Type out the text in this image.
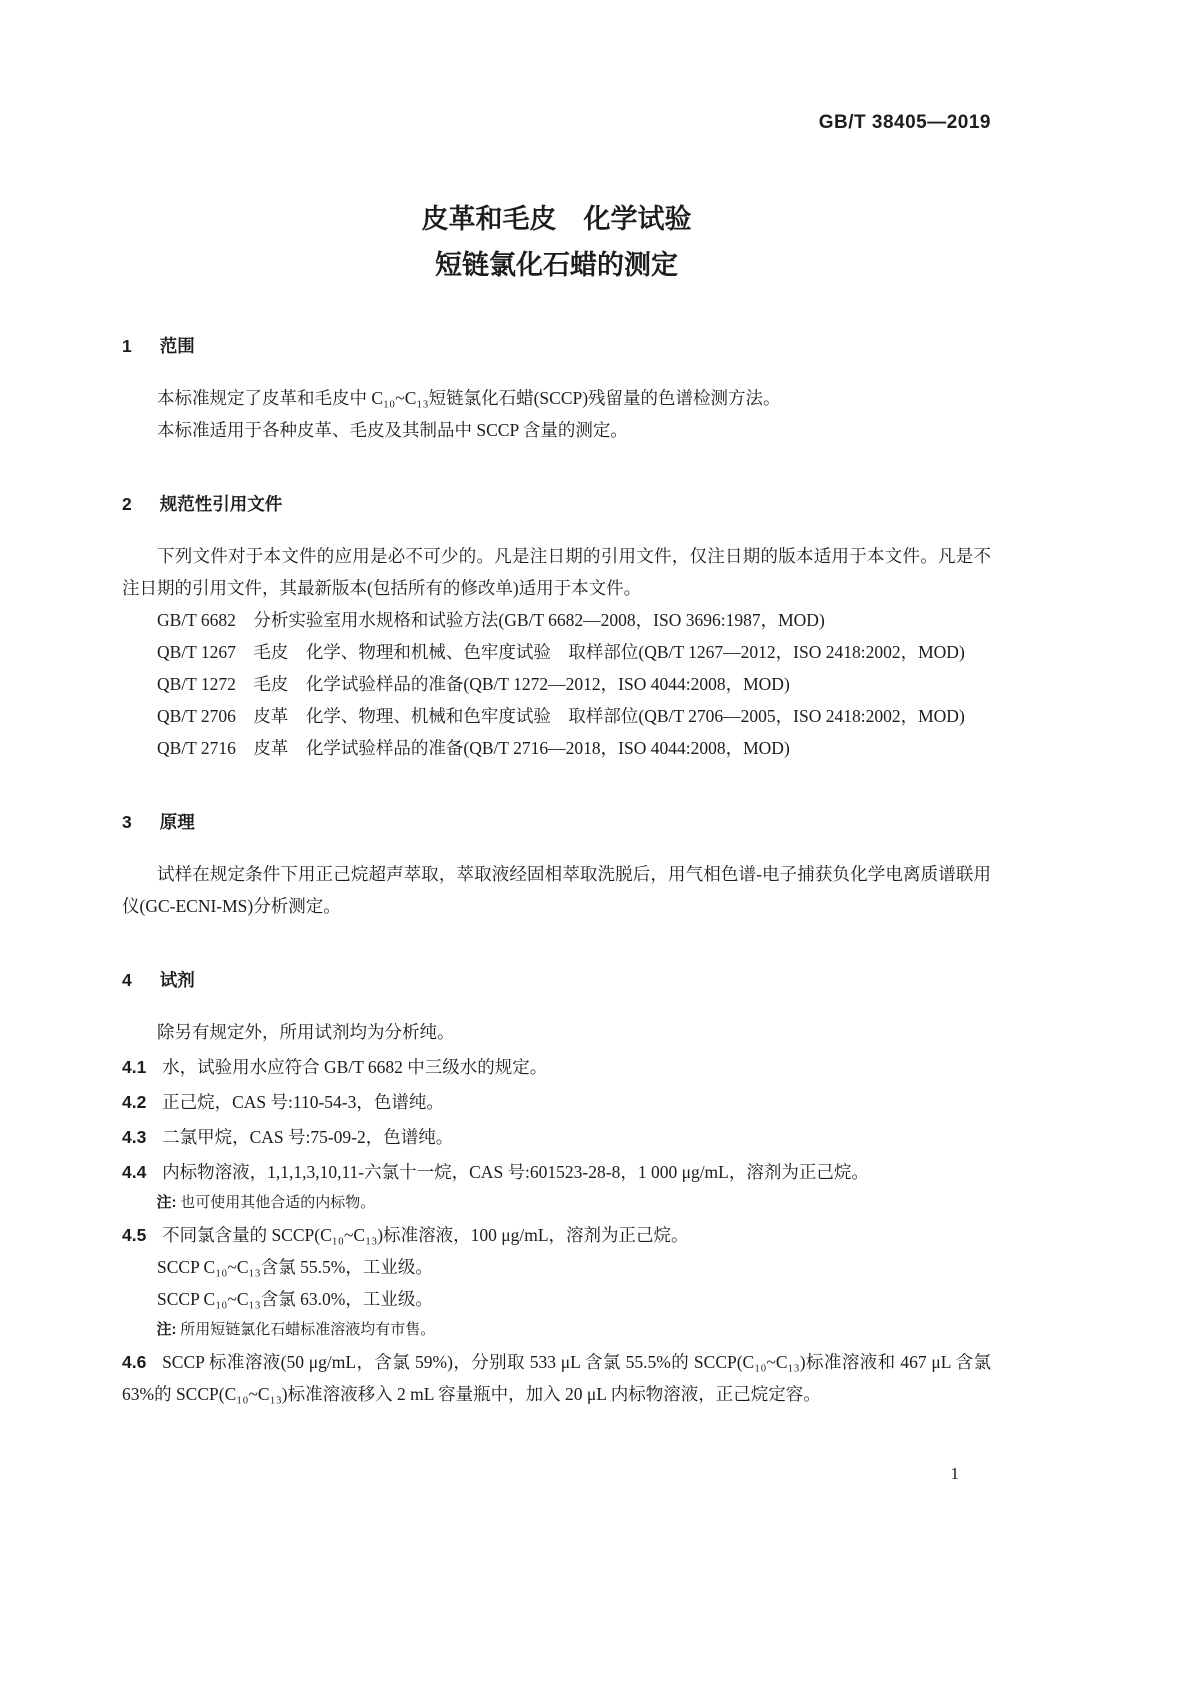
GB/T 38405—2019
皮革和毛皮　化学试验
短链氯化石蜡的测定
1 范围

本标准规定了皮革和毛皮中 C₁₀~C₁₃短链氯化石蜡(SCCP)残留量的色谱检测方法。

本标准适用于各种皮革、毛皮及其制品中 SCCP 含量的测定。

2 规范性引用文件

下列文件对于本文件的应用是必不可少的。凡是注日期的引用文件，仅注日期的版本适用于本文件。凡是不注日期的引用文件，其最新版本(包括所有的修改单)适用于本文件。

GB/T 6682　分析实验室用水规格和试验方法(GB/T 6682—2008，ISO 3696:1987，MOD)

QB/T 1267　毛皮　化学、物理和机械、色牢度试验　取样部位(QB/T 1267—2012，ISO 2418:2002，MOD)

QB/T 1272　毛皮　化学试验样品的准备(QB/T 1272—2012，ISO 4044:2008，MOD)

QB/T 2706　皮革　化学、物理、机械和色牢度试验　取样部位(QB/T 2706—2005，ISO 2418:2002，MOD)

QB/T 2716　皮革　化学试验样品的准备(QB/T 2716—2018，ISO 4044:2008，MOD)

3 原理

试样在规定条件下用正己烷超声萃取，萃取液经固相萃取洗脱后，用气相色谱-电子捕获负化学电离质谱联用仪(GC-ECNI-MS)分析测定。

4 试剂

除另有规定外，所用试剂均为分析纯。

4.1 水，试验用水应符合 GB/T 6682 中三级水的规定。

4.2 正己烷，CAS 号:110-54-3，色谱纯。

4.3 二氯甲烷，CAS 号:75-09-2，色谱纯。

4.4 内标物溶液，1,1,1,3,10,11-六氯十一烷，CAS 号:601523-28-8，1 000 μg/mL，溶剂为正己烷。

注: 也可使用其他合适的内标物。

4.5 不同氯含量的 SCCP(C₁₀~C₁₃)标准溶液，100 μg/mL，溶剂为正己烷。

SCCP C₁₀~C₁₃含氯 55.5%，工业级。

SCCP C₁₀~C₁₃含氯 63.0%，工业级。

注: 所用短链氯化石蜡标准溶液均有市售。

4.6 SCCP 标准溶液(50 μg/mL，含氯 59%)，分别取 533 μL 含氯 55.5%的 SCCP(C₁₀~C₁₃)标准溶液和 467 μL 含氯 63%的 SCCP(C₁₀~C₁₃)标准溶液移入 2 mL 容量瓶中，加入 20 μL 内标物溶液，正己烷定容。

1
